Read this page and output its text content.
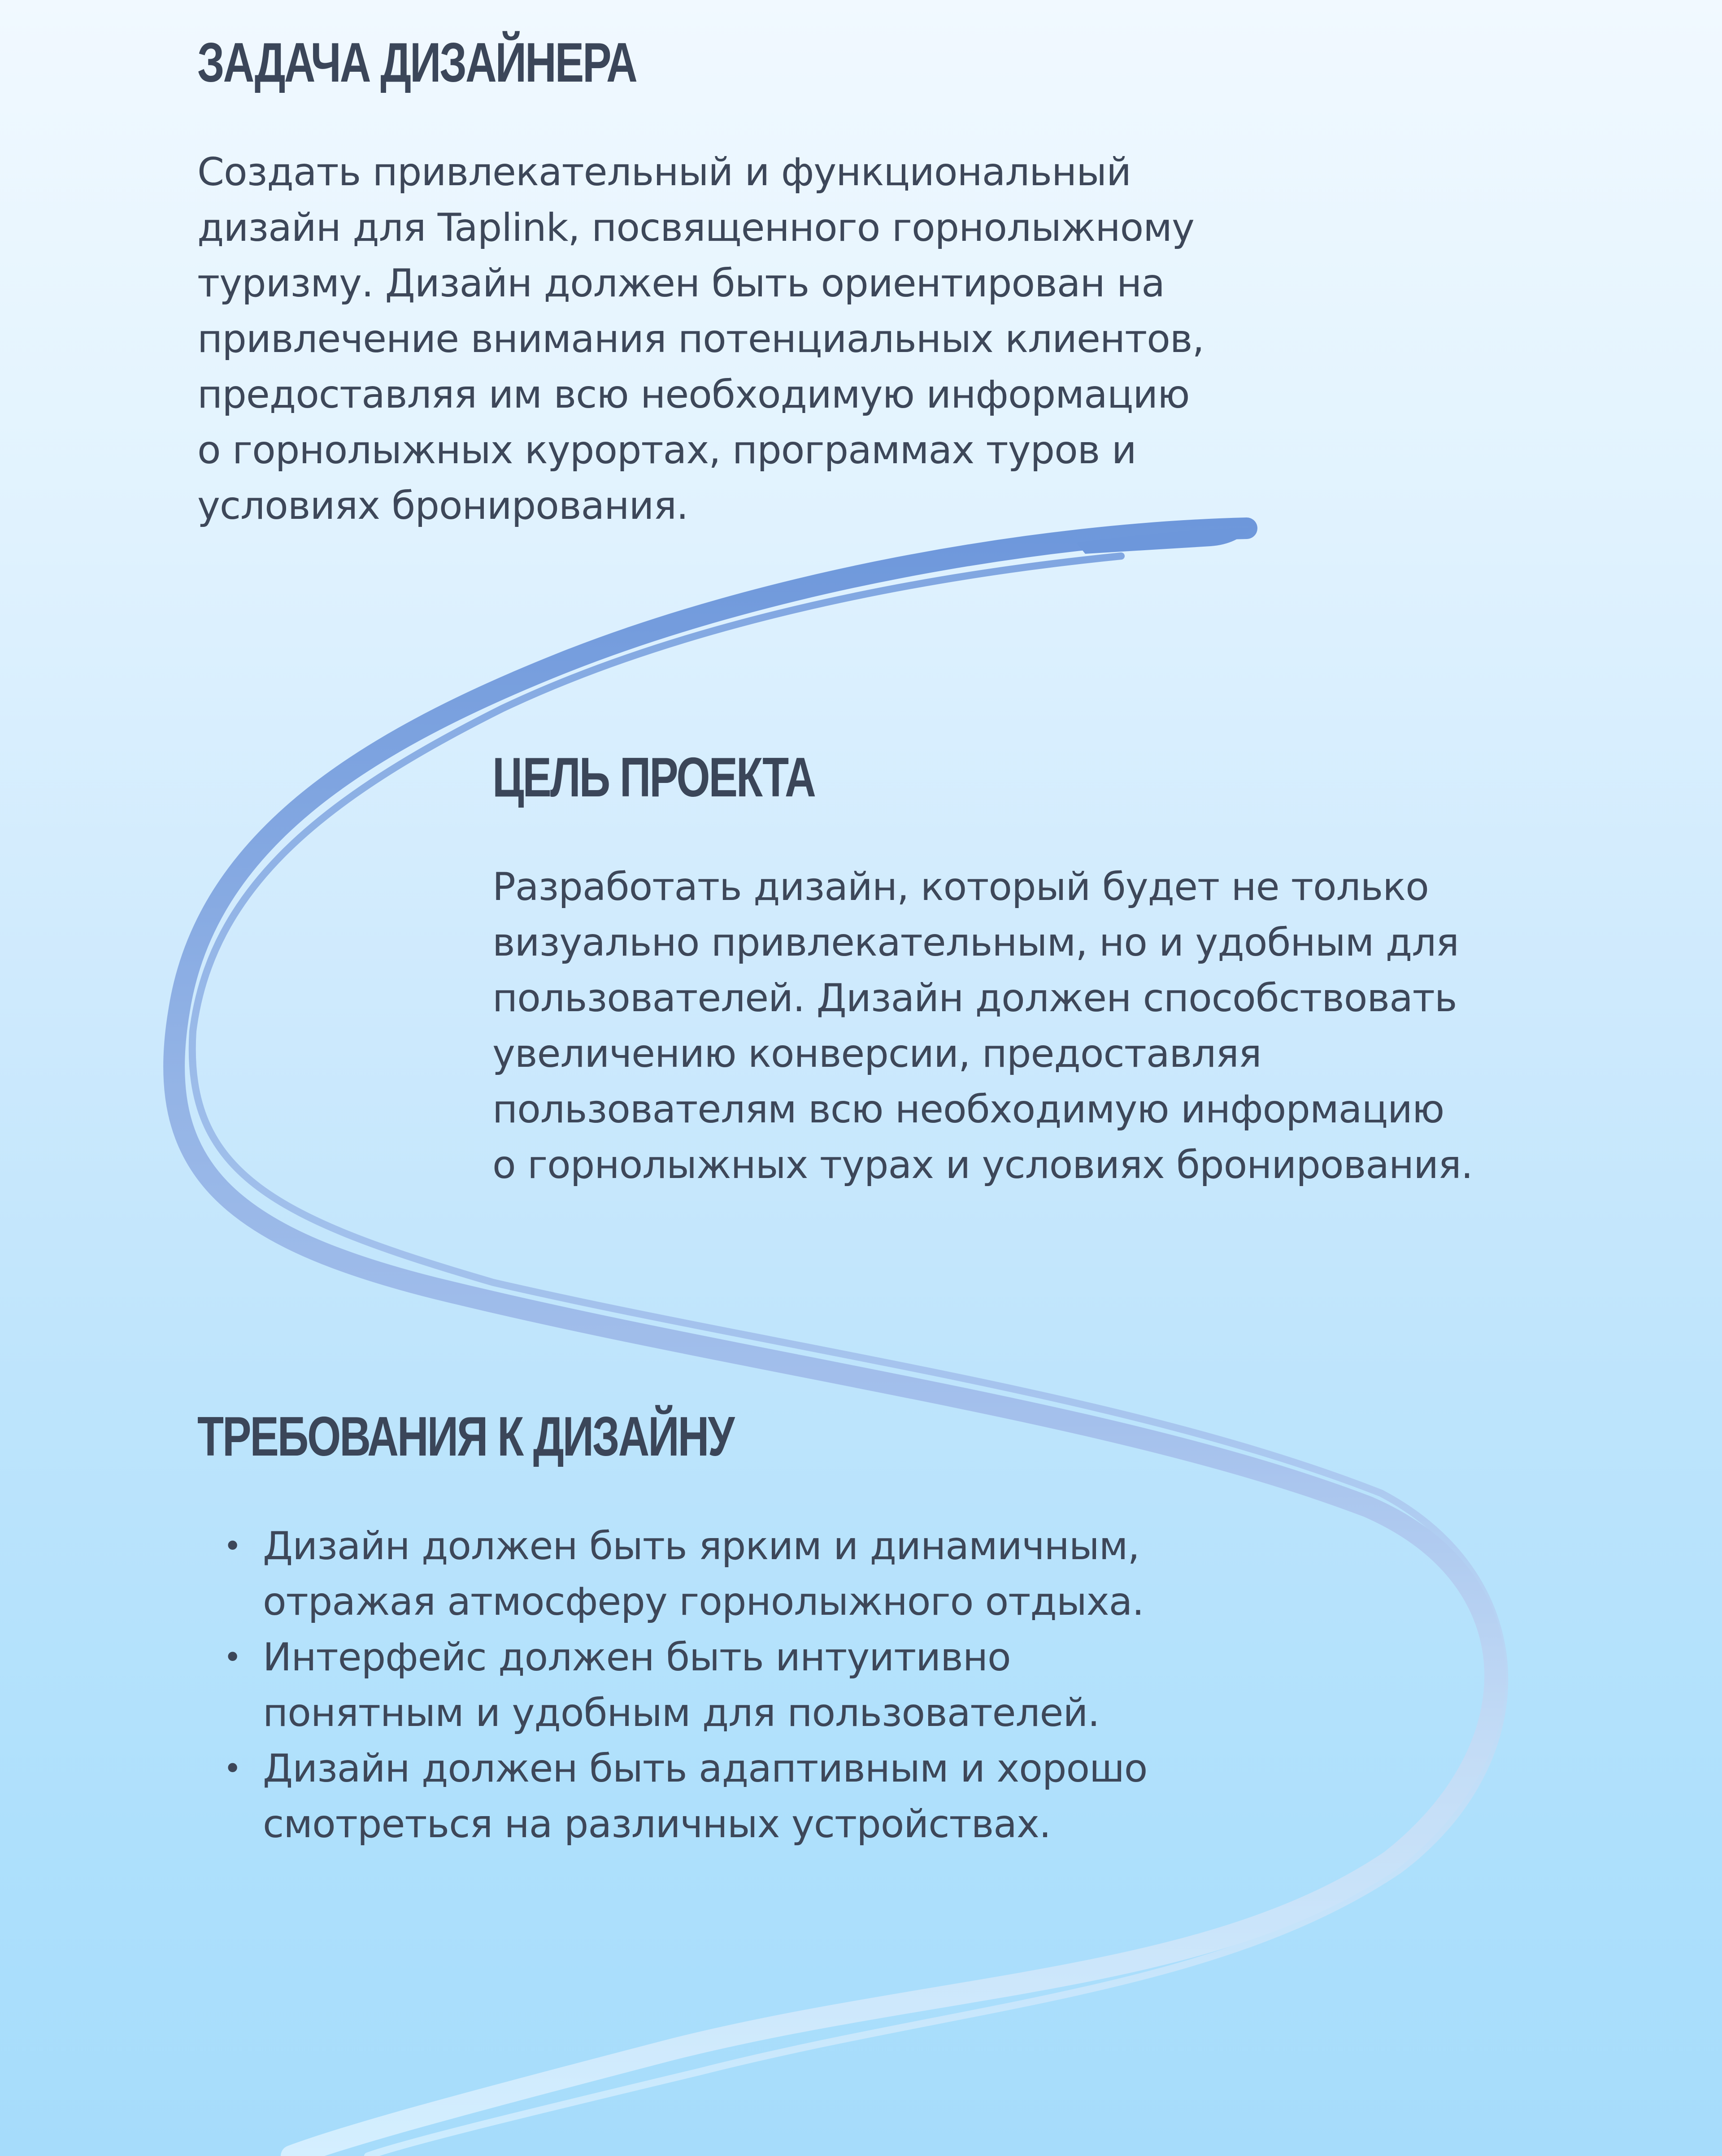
ЗАДАЧА ДИЗАЙНЕРА

Создать привлекательный и функциональный
дизайн для Taplink, посвященного горнолыжному
туризму. Дизайн должен быть ориентирован на
привлечение внимания потенциальных клиентов,
предоставляя им всю необходимую информацию
о горнолыжных курортах, программах туров и
условиях бронирования.

ЦЕЛЬ ПРОЕКТА

Разработать дизайн, который будет не только
визуально привлекательным, но и удобным для
пользователей. Дизайн должен способствовать
увеличению конверсии, предоставляя
пользователям всю необходимую информацию
о горнолыжных турах и условиях бронирования.

ТРЕБОВАНИЯ К ДИЗАЙНУ
• Дизайн должен быть ярким и динамичным,
отражая атмосферу горнолыжного отдыха.
• Интерфейс должен быть интуитивно
понятным и удобным для пользователей.
• Дизайн должен быть адаптивным и хорошо
смотреться на различных устройствах.
